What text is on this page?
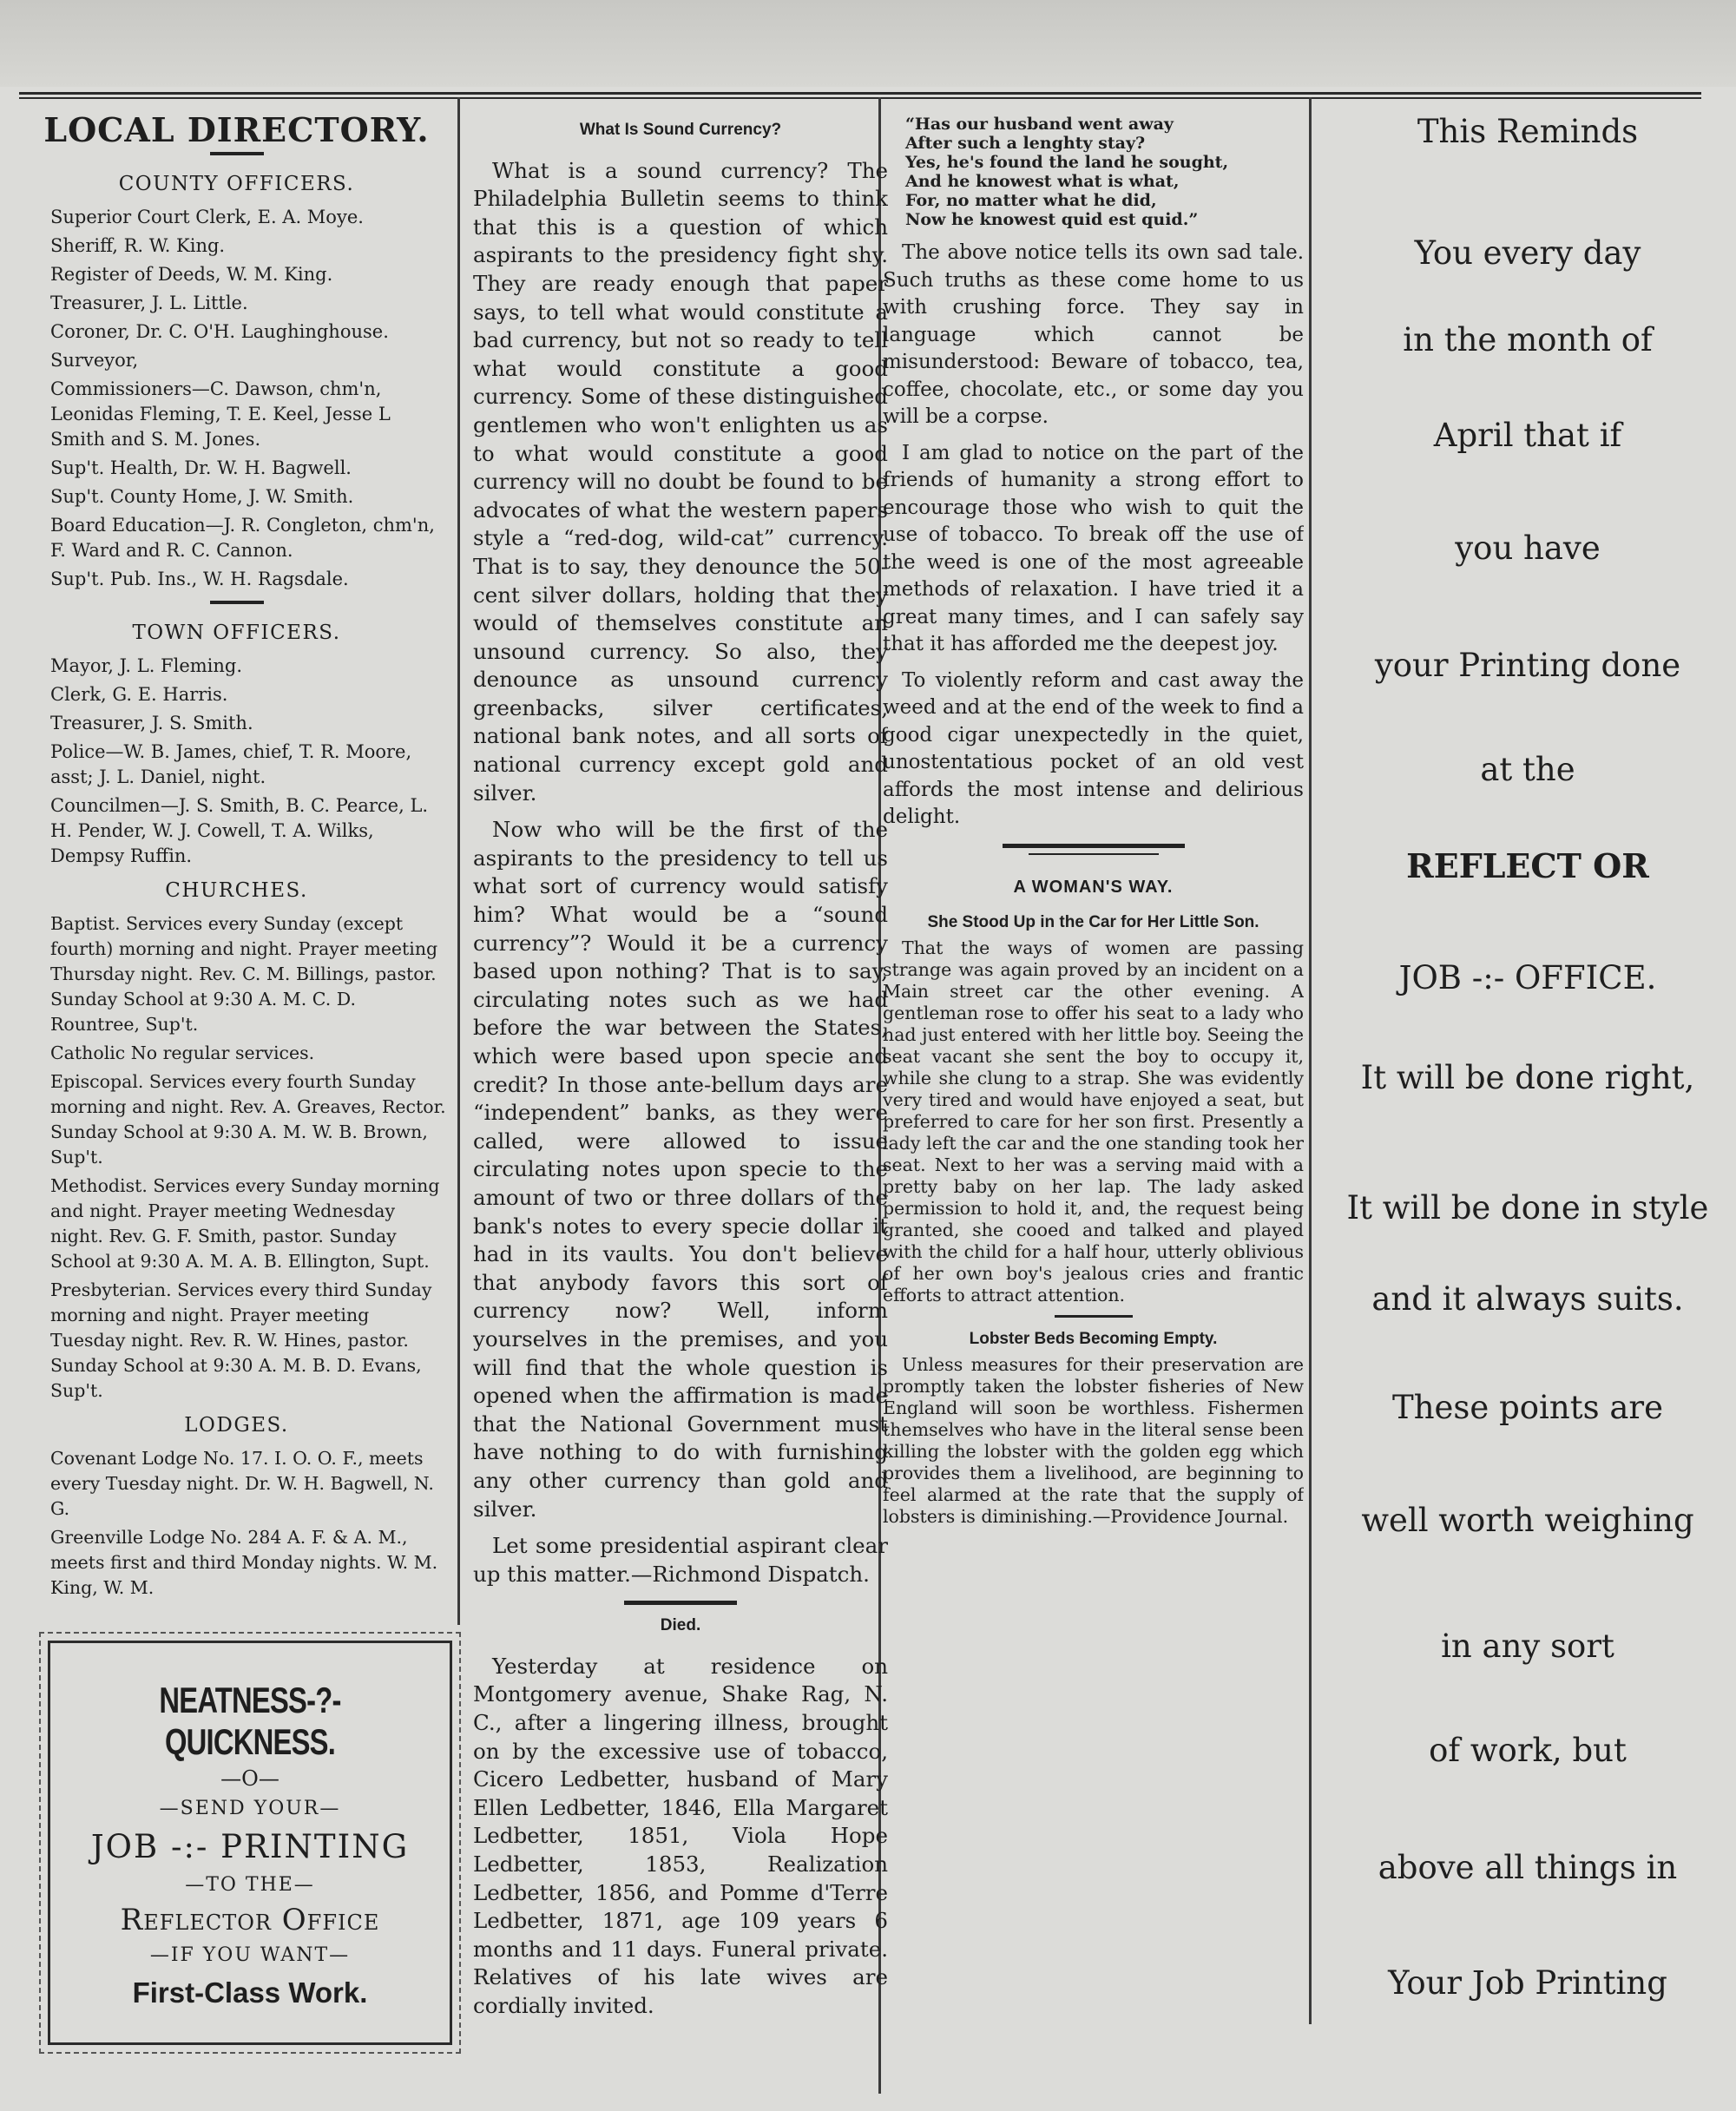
LOCAL DIRECTORY.
COUNTY OFFICERS.
Superior Court Clerk, E. A. Moye.
Sheriff, R. W. King.
Register of Deeds, W. M. King.
Treasurer, J. L. Little.
Coroner, Dr. C. O'H. Laughinghouse.
Surveyor,
Commissioners—C. Dawson, chm'n, Leonidas Fleming, T. E. Keel, Jesse L Smith and S. M. Jones.
Sup't. Health, Dr. W. H. Bagwell.
Sup't. County Home, J. W. Smith.
Board Education—J. R. Congleton, chm'n, F. Ward and R. C. Cannon.
Sup't. Pub. Ins., W. H. Ragsdale.
TOWN OFFICERS.
Mayor, J. L. Fleming.
Clerk, G. E. Harris.
Treasurer, J. S. Smith.
Police—W. B. James, chief, T. R. Moore, asst; J. L. Daniel, night.
Councilmen—J. S. Smith, B. C. Pearce, L. H. Pender, W. J. Cowell, T. A. Wilks, Dempsy Ruffin.
CHURCHES.
Baptist. Services every Sunday (except fourth) morning and night. Prayer meeting Thursday night. Rev. C. M. Billings, pastor. Sunday School at 9:30 A. M. C. D. Rountree, Sup't.
Catholic No regular services.
Episcopal. Services every fourth Sunday morning and night. Rev. A. Greaves, Rector. Sunday School at 9:30 A. M. W. B. Brown, Sup't.
Methodist. Services every Sunday morning and night. Prayer meeting Wednesday night. Rev. G. F. Smith, pastor. Sunday School at 9:30 A. M. A. B. Ellington, Supt.
Presbyterian. Services every third Sunday morning and night. Prayer meeting Tuesday night. Rev. R. W. Hines, pastor. Sunday School at 9:30 A. M. B. D. Evans, Sup't.
LODGES.
Covenant Lodge No. 17. I. O. O. F., meets every Tuesday night. Dr. W. H. Bagwell, N. G.
Greenville Lodge No. 284 A. F. & A. M., meets first and third Monday nights. W. M. King, W. M.
NEATNESS-?-QUICKNESS.
—O—
—SEND YOUR—
JOB -:- PRINTING
—TO THE—
Reflector Office
—IF YOU WANT—
First-Class Work.
What Is Sound Currency?

What is a sound currency? The Philadelphia Bulletin seems to think that this is a question of which aspirants to the presidency fight shy. They are ready enough that paper says, to tell what would constitute a bad currency, but not so ready to tell what would constitute a good currency. Some of these distinguished gentlemen who won't enlighten us as to what would constitute a good currency will no doubt be found to be advocates of what the western papers style a “red-dog, wild-cat” currency. That is to say, they denounce the 50-cent silver dollars, holding that they would of themselves constitute an unsound currency. So also, they denounce as unsound currency greenbacks, silver certificates, national bank notes, and all sorts of national currency except gold and silver.

Now who will be the first of the aspirants to the presidency to tell us what sort of currency would satisfy him? What would be a “sound currency”? Would it be a currency based upon nothing? That is to say, circulating notes such as we had before the war between the States, which were based upon specie and credit? In those ante-bellum days are “independent” banks, as they were called, were allowed to issue circulating notes upon specie to the amount of two or three dollars of the bank's notes to every specie dollar it had in its vaults. You don't believe that anybody favors this sort of currency now? Well, inform yourselves in the premises, and you will find that the whole question is opened when the affirmation is made that the National Government must have nothing to do with furnishing any other currency than gold and silver.

Let some presidential aspirant clear up this matter.—Richmond Dispatch.

Died.

Yesterday at residence on Montgomery avenue, Shake Rag, N. C., after a lingering illness, brought on by the excessive use of tobacco, Cicero Ledbetter, husband of Mary Ellen Ledbetter, 1846, Ella Margaret Ledbetter, 1851, Viola Hope Ledbetter, 1853, Realization Ledbetter, 1856, and Pomme d'Terre Ledbetter, 1871, age 109 years 6 months and 11 days. Funeral private. Relatives of his late wives are cordially invited.

“Has our husband went away
After such a lenghty stay?
Yes, he's found the land he sought,
And he knowest what is what,
For, no matter what he did,
Now he knowest quid est quid.”

The above notice tells its own sad tale. Such truths as these come home to us with crushing force. They say in language which cannot be misunderstood: Beware of tobacco, tea, coffee, chocolate, etc., or some day you will be a corpse.

I am glad to notice on the part of the friends of humanity a strong effort to encourage those who wish to quit the use of tobacco. To break off the use of the weed is one of the most agreeable methods of relaxation. I have tried it a great many times, and I can safely say that it has afforded me the deepest joy.

To violently reform and cast away the weed and at the end of the week to find a good cigar unexpectedly in the quiet, unostentatious pocket of an old vest affords the most intense and delirious delight.

A WOMAN'S WAY.
She Stood Up in the Car for Her Little Son.

That the ways of women are passing strange was again proved by an incident on a Main street car the other evening. A gentleman rose to offer his seat to a lady who had just entered with her little boy. Seeing the seat vacant she sent the boy to occupy it, while she clung to a strap. She was evidently very tired and would have enjoyed a seat, but preferred to care for her son first. Presently a lady left the car and the one standing took her seat. Next to her was a serving maid with a pretty baby on her lap. The lady asked permission to hold it, and, the request being granted, she cooed and talked and played with the child for a half hour, utterly oblivious of her own boy's jealous cries and frantic efforts to attract attention.

Lobster Beds Becoming Empty.

Unless measures for their preservation are promptly taken the lobster fisheries of New England will soon be worthless. Fishermen themselves who have in the literal sense been killing the lobster with the golden egg which provides them a livelihood, are beginning to feel alarmed at the rate that the supply of lobsters is diminishing.—Providence Journal.

This Reminds
You every day
in the month of
April that if
you have
your Printing done
at the
REFLECT OR
JOB -:- OFFICE.
It will be done right,
It will be done in style
and it always suits.
These points are
well worth weighing
in any sort
of work, but
above all things in
Your Job Printing
